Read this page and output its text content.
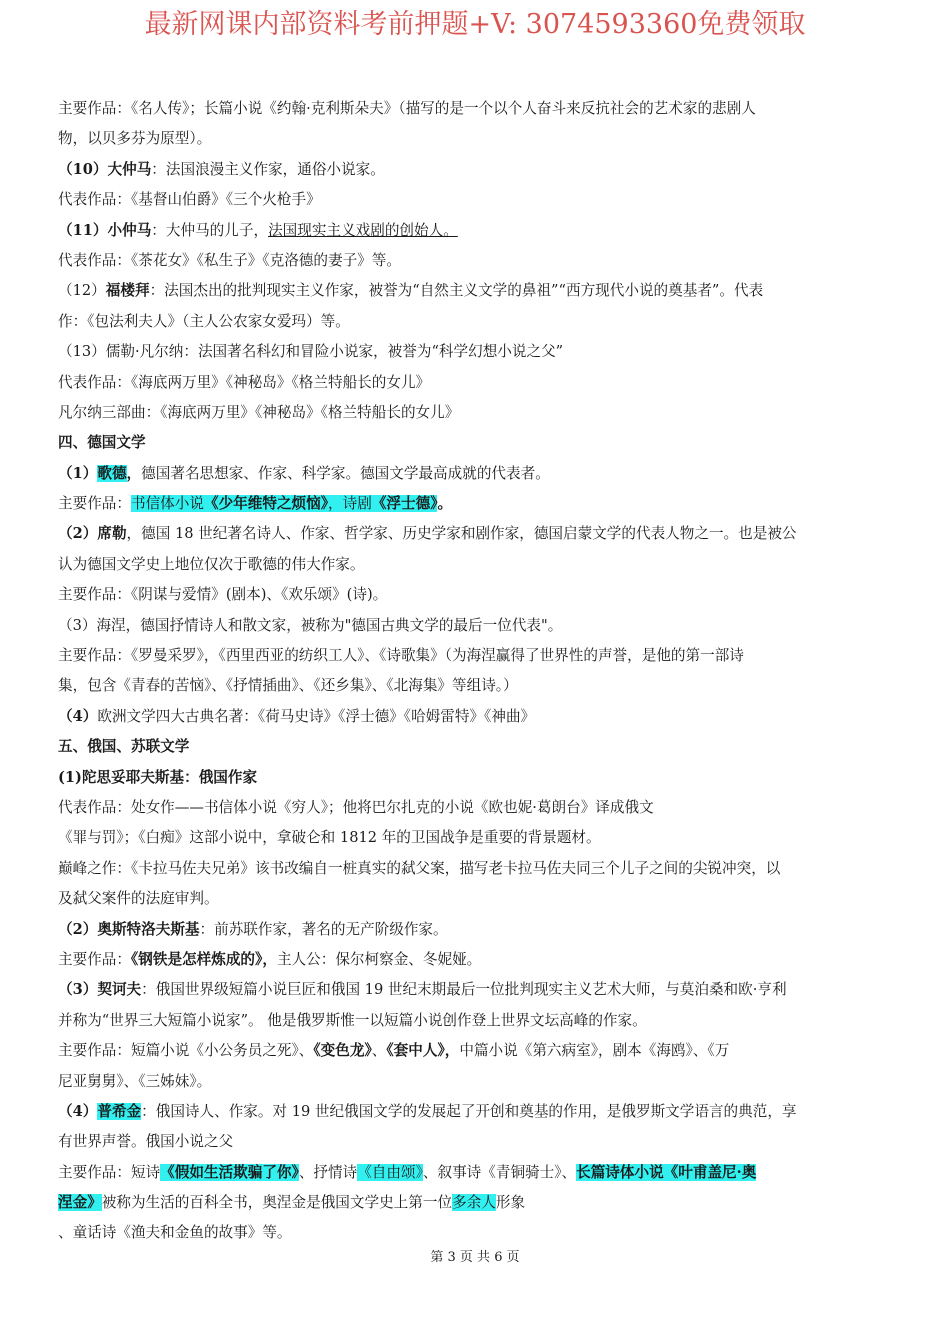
最新网课内部资料考前押题+V: 3074593360免费领取
主要作品：《名人传》；长篇小说《约翰·克利斯朵夫》（描写的是一个以个人奋斗来反抗社会的艺术家的悲剧人
物，以贝多芬为原型）。
（10）大仲马：法国浪漫主义作家，通俗小说家。
代表作品：《基督山伯爵》《三个火枪手》
（11）小仲马：大仲马的儿子，法国现实主义戏剧的创始人。
代表作品：《茶花女》《私生子》《克洛德的妻子》等。
（12）福楼拜：法国杰出的批判现实主义作家，被誉为“自然主义文学的鼻祖”“西方现代小说的奠基者”。代表
作：《包法利夫人》（主人公农家女爱玛）等。
（13）儒勒·凡尔纳：法国著名科幻和冒险小说家，被誉为“科学幻想小说之父”
代表作品：《海底两万里》《神秘岛》《格兰特船长的女儿》
凡尔纳三部曲：《海底两万里》《神秘岛》《格兰特船长的女儿》
四、德国文学
（1）歌德，德国著名思想家、作家、科学家。德国文学最高成就的代表者。
主要作品：书信体小说《少年维特之烦恼》，诗剧《浮士德》。
（2）席勒，德国 18 世纪著名诗人、作家、哲学家、历史学家和剧作家，德国启蒙文学的代表人物之一。也是被公
认为德国文学史上地位仅次于歌德的伟大作家。
主要作品：《阴谋与爱情》(剧本)、《欢乐颂》(诗)。
（3）海涅，德国抒情诗人和散文家，被称为"德国古典文学的最后一位代表"。
主要作品：《罗曼采罗》，《西里西亚的纺织工人》、《诗歌集》（为海涅赢得了世界性的声誉，是他的第一部诗
集，包含《青春的苦恼》、《抒情插曲》、《还乡集》、《北海集》等组诗。）
（4）欧洲文学四大古典名著：《荷马史诗》《浮士德》《哈姆雷特》《神曲》
五、俄国、苏联文学
(1)陀思妥耶夫斯基：俄国作家
代表作品：处女作——书信体小说《穷人》；他将巴尔扎克的小说《欧也妮·葛朗台》译成俄文
《罪与罚》；《白痴》这部小说中，拿破仑和 1812 年的卫国战争是重要的背景题材。
巅峰之作：《卡拉马佐夫兄弟》该书改编自一桩真实的弑父案，描写老卡拉马佐夫同三个儿子之间的尖锐冲突，以
及弑父案件的法庭审判。
（2）奥斯特洛夫斯基：前苏联作家，著名的无产阶级作家。
主要作品：《钢铁是怎样炼成的》，主人公：保尔柯察金、冬妮娅。
（3）契诃夫：俄国世界级短篇小说巨匠和俄国 19 世纪末期最后一位批判现实主义艺术大师，与莫泊桑和欧·亨利
并称为“世界三大短篇小说家”。 他是俄罗斯惟一以短篇小说创作登上世界文坛高峰的作家。
主要作品：短篇小说《小公务员之死》、《变色龙》、《套中人》，中篇小说《第六病室》，剧本《海鸥》、《万
尼亚舅舅》、《三姊妹》。
（4）普希金：俄国诗人、作家。对 19 世纪俄国文学的发展起了开创和奠基的作用，是俄罗斯文学语言的典范，享
有世界声誉。俄国小说之父
主要作品：短诗《假如生活欺骗了你》、抒情诗《自由颂》、叙事诗《青铜骑士》、长篇诗体小说《叶甫盖尼·奥
涅金》被称为生活的百科全书，奥涅金是俄国文学史上第一位多余人形象
、童话诗《渔夫和金鱼的故事》等。
第 3 页 共 6 页
